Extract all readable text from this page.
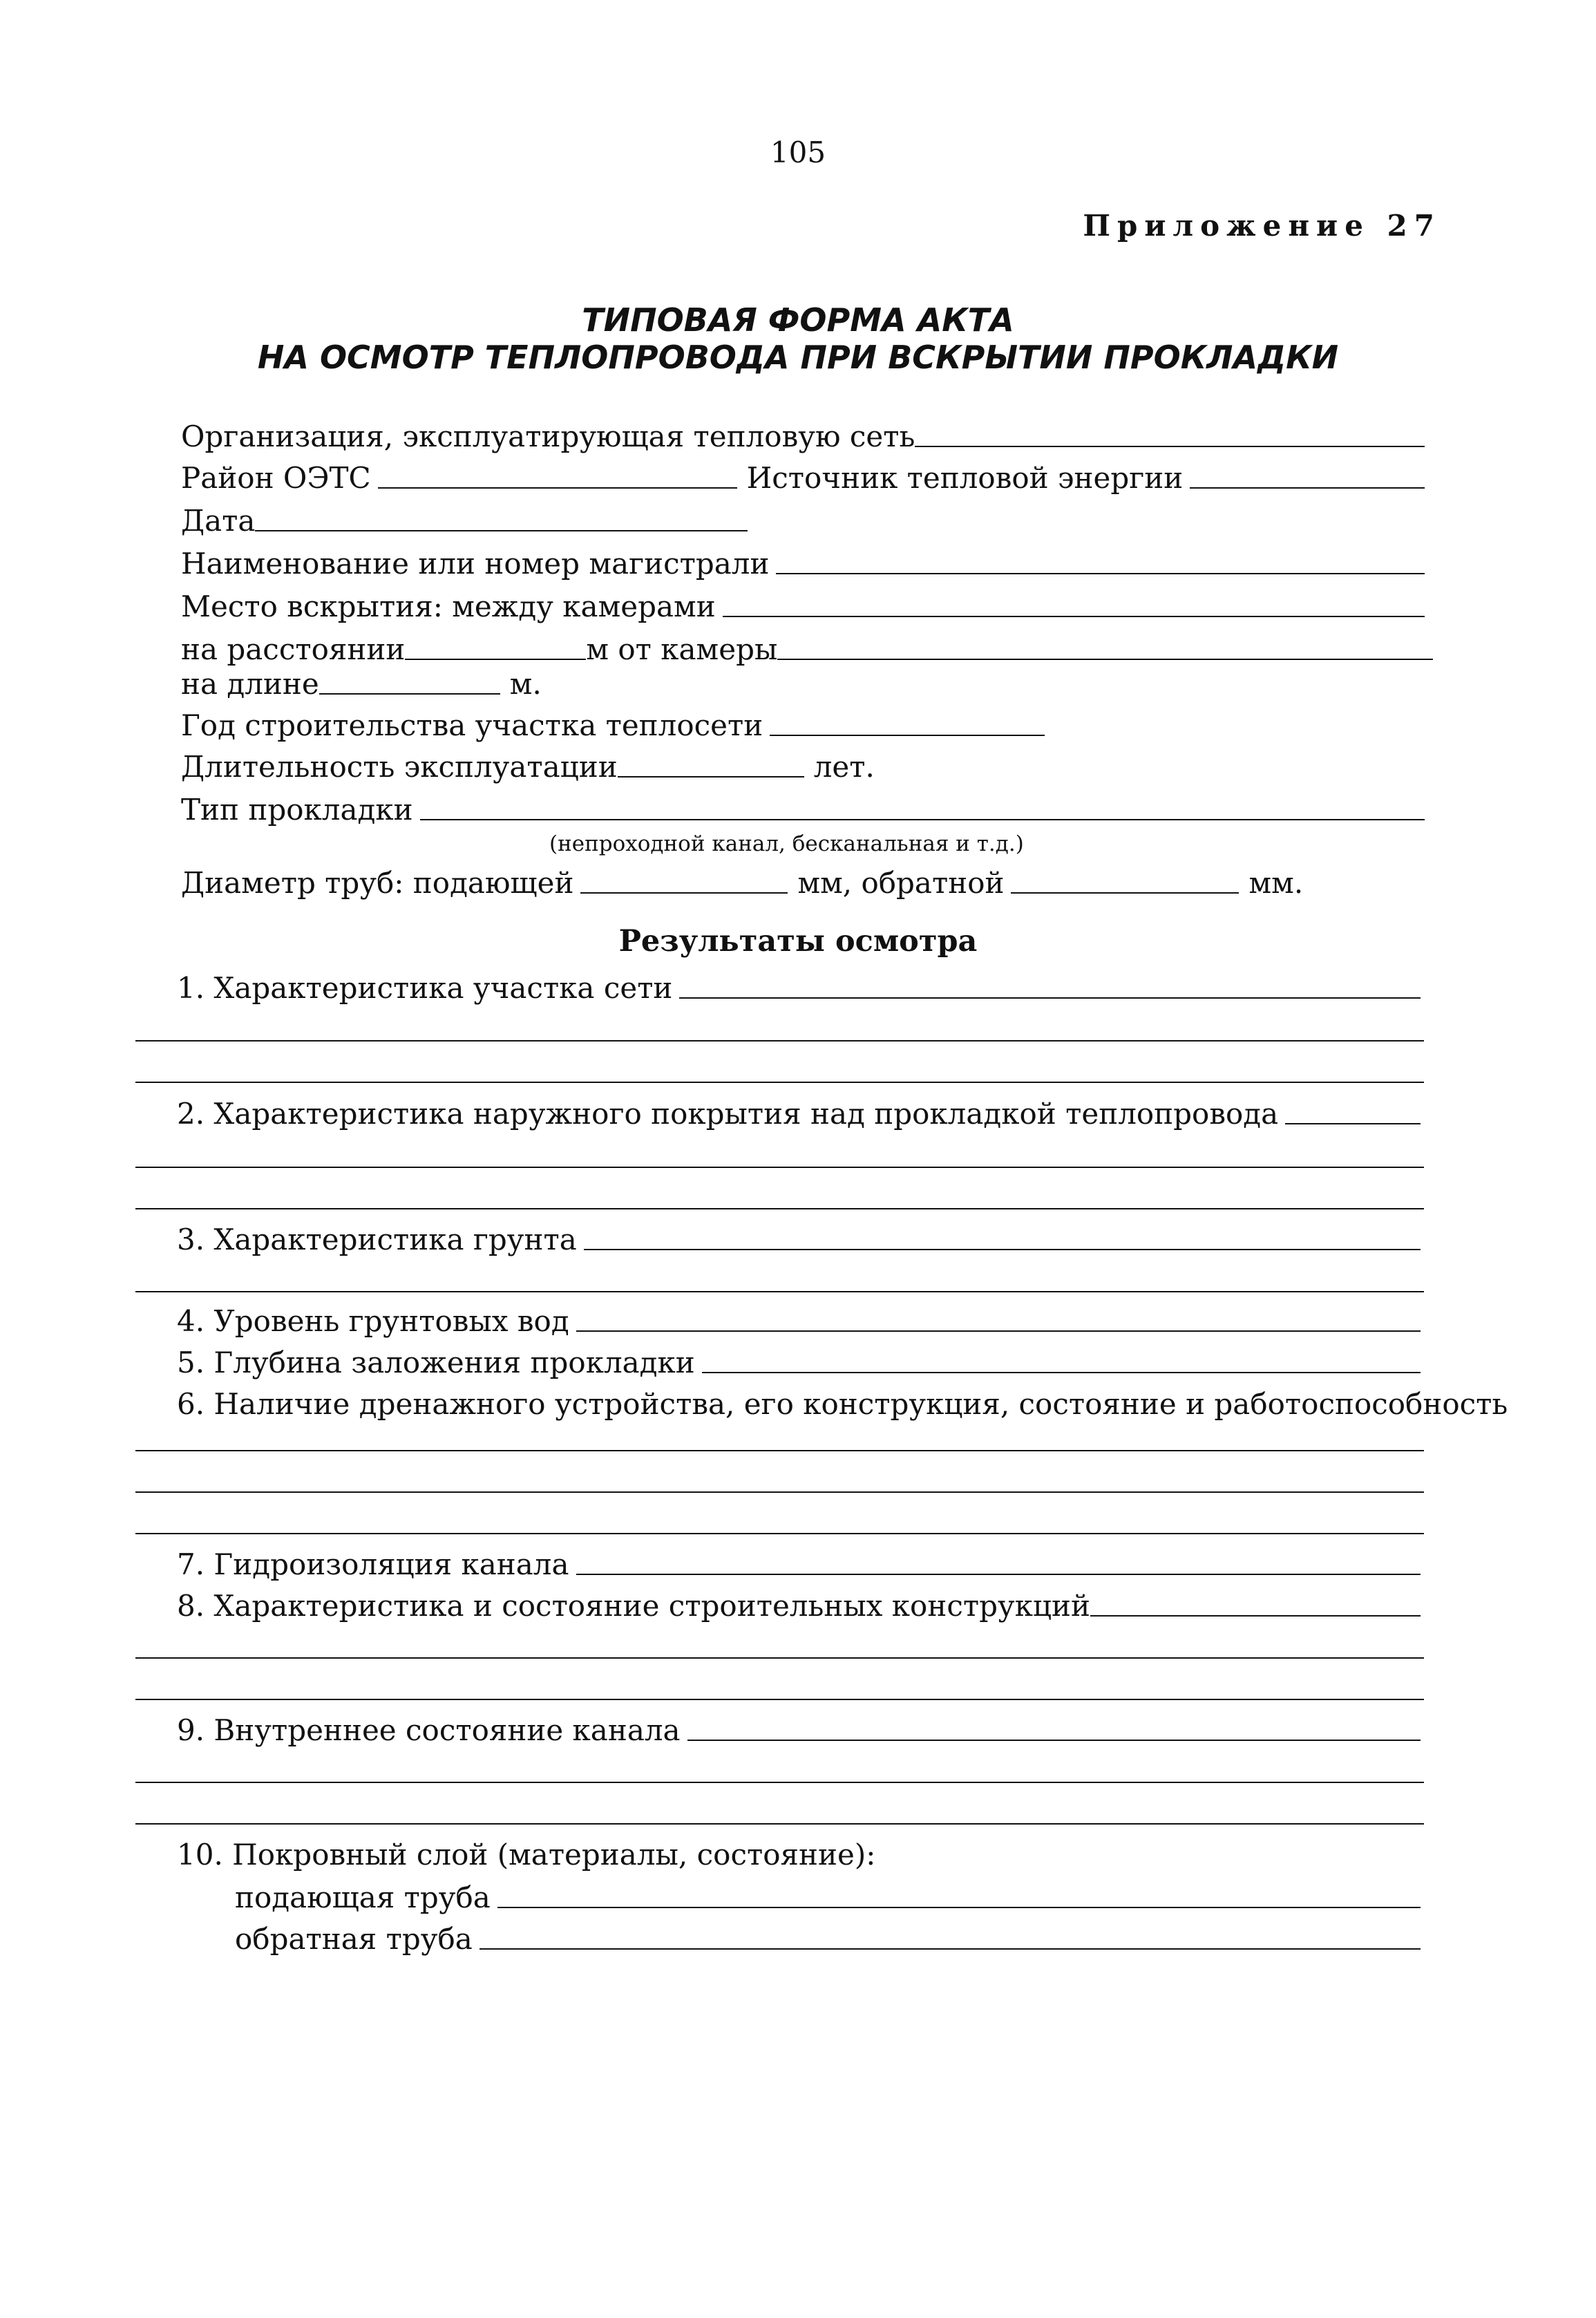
105
Приложение 27
ТИПОВАЯ ФОРМА АКТА
НА ОСМОТР ТЕПЛОПРОВОДА ПРИ ВСКРЫТИИ ПРОКЛАДКИ
Организация, эксплуатирующая тепловую сеть
Район ОЭТС	Источник тепловой энергии
Дата
Наименование или номер магистрали
Место вскрытия: между камерами
на расстоянии	м от камеры
на длине	м.
Год строительства участка теплосети
Длительность эксплуатации	лет.
Тип прокладки
(непроходной канал, бесканальная и т.д.)
Диаметр труб: подающей	мм, обратной	мм.
Результаты осмотра
1. Характеристика участка сети
2. Характеристика наружного покрытия над прокладкой теплопровода
3. Характеристика грунта
4. Уровень грунтовых вод
5. Глубина заложения прокладки
6. Наличие дренажного устройства, его конструкция, состояние и работоспособность
7. Гидроизоляция канала
8. Характеристика и состояние строительных конструкций
9. Внутреннее состояние канала
10. Покровный слой (материалы, состояние):
подающая труба
обратная труба
